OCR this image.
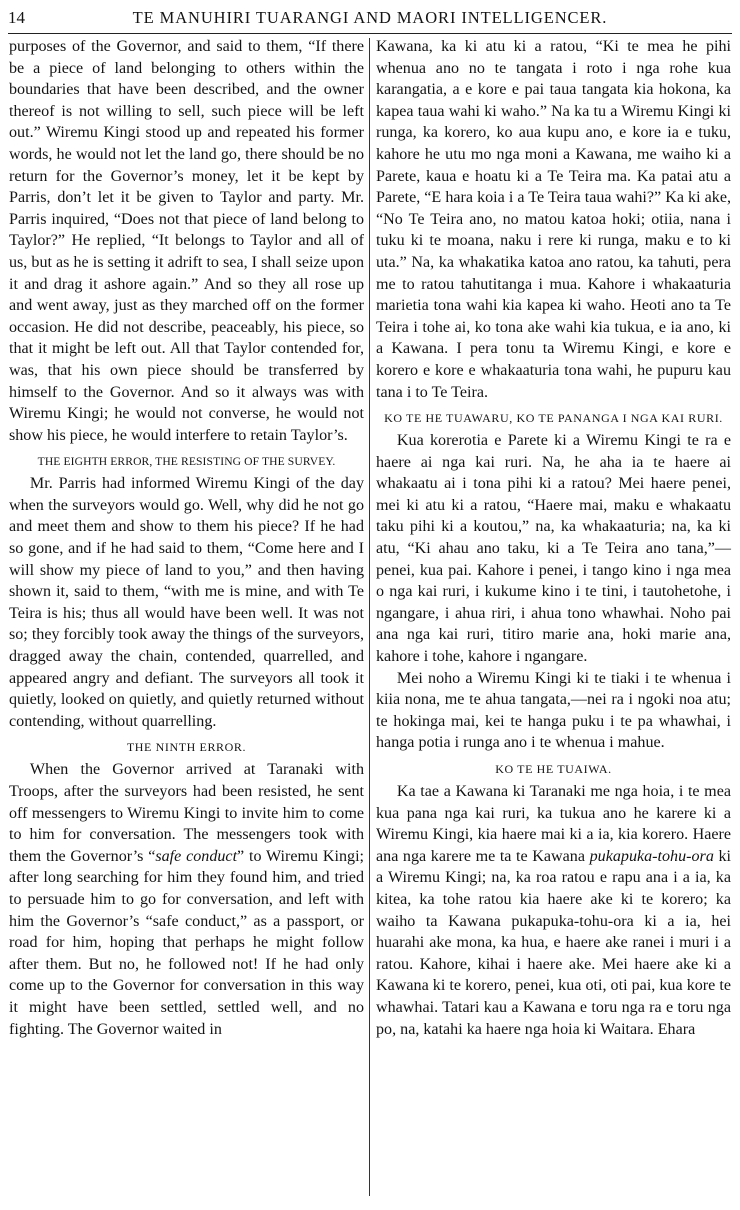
14	TE MANUHIRI TUARANGI AND MAORI INTELLIGENCER.

purposes of the Governor, and said to them, “If there be a piece of land belonging to others within the boundaries that have been described, and the owner thereof is not willing to sell, such piece will be left out.” Wiremu Kingi stood up and repeated his former words, he would not let the land go, there should be no return for the Governor’s money, let it be kept by Parris, don’t let it be given to Taylor and party. Mr. Parris inquired, “Does not that piece of land belong to Taylor?” He replied, “It belongs to Taylor and all of us, but as he is setting it adrift to sea, I shall seize upon it and drag it ashore again.” And so they all rose up and went away, just as they marched off on the former occasion. He did not describe, peaceably, his piece, so that it might be left out. All that Taylor contended for, was, that his own piece should be transferred by himself to the Governor. And so it always was with Wiremu Kingi; he would not converse, he would not show his piece, he would interfere to retain Taylor’s.

THE EIGHTH ERROR, THE RESISTING OF THE SURVEY.

Mr. Parris had informed Wiremu Kingi of the day when the surveyors would go. Well, why did he not go and meet them and show to them his piece? If he had so gone, and if he had said to them, “Come here and I will show my piece of land to you,” and then having shown it, said to them, “with me is mine, and with Te Teira is his; thus all would have been well. It was not so; they forcibly took away the things of the surveyors, dragged away the chain, contended, quarrelled, and appeared angry and defiant. The surveyors all took it quietly, looked on quietly, and quietly returned without contending, without quarrelling.

THE NINTH ERROR.

When the Governor arrived at Taranaki with Troops, after the surveyors had been resisted, he sent off messengers to Wiremu Kingi to invite him to come to him for conversation. The messengers took with them the Governor’s “safe conduct” to Wiremu Kingi; after long searching for him they found him, and tried to persuade him to go for conversation, and left with him the Governor’s “safe conduct,” as a passport, or road for him, hoping that perhaps he might follow after them. But no, he followed not! If he had only come up to the Governor for conversation in this way it might have been settled, settled well, and no fighting. The Governor waited in

Kawana, ka ki atu ki a ratou, “Ki te mea he pihi whenua ano no te tangata i roto i nga rohe kua karangatia, a e kore e pai taua tangata kia hokona, ka kapea taua wahi ki waho.” Na ka tu a Wiremu Kingi ki runga, ka korero, ko aua kupu ano, e kore ia e tuku, kahore he utu mo nga moni a Kawana, me waiho ki a Parete, kaua e hoatu ki a Te Teira ma. Ka patai atu a Parete, “E hara koia i a Te Teira taua wahi?” Ka ki ake, “No Te Teira ano, no matou katoa hoki; otiia, nana i tuku ki te moana, naku i rere ki runga, maku e to ki uta.” Na, ka whakatika katoa ano ratou, ka tahuti, pera me to ratou tahutitanga i mua. Kahore i whakaaturia marietia tona wahi kia kapea ki waho. Heoti ano ta Te Teira i tohe ai, ko tona ake wahi kia tukua, e ia ano, ki a Kawana. I pera tonu ta Wiremu Kingi, e kore e korero e kore e whakaaturia tona wahi, he pupuru kau tana i to Te Teira.

KO TE HE TUAWARU, KO TE PANANGA I NGA KAI RURI.

Kua korerotia e Parete ki a Wiremu Kingi te ra e haere ai nga kai ruri. Na, he aha ia te haere ai whakaatu ai i tona pihi ki a ratou? Mei haere penei, mei ki atu ki a ratou, “Haere mai, maku e whakaatu taku pihi ki a koutou,” na, ka whakaaturia; na, ka ki atu, “Ki ahau ano taku, ki a Te Teira ano tana,”—penei, kua pai. Kahore i penei, i tango kino i nga mea o nga kai ruri, i kukume kino i te tini, i tautohetohe, i ngangare, i ahua riri, i ahua tono whawhai. Noho pai ana nga kai ruri, titiro marie ana, hoki marie ana, kahore i tohe, kahore i ngangare.

Mei noho a Wiremu Kingi ki te tiaki i te whenua i kiia nona, me te ahua tangata,—nei ra i ngoki noa atu; te hokinga mai, kei te hanga puku i te pa whawhai, i hanga potia i runga ano i te whenua i mahue.

KO TE HE TUAIWA.

Ka tae a Kawana ki Taranaki me nga hoia, i te mea kua pana nga kai ruri, ka tukua ano he karere ki a Wiremu Kingi, kia haere mai ki a ia, kia korero. Haere ana nga karere me ta te Kawana pukapuka-tohu-ora ki a Wiremu Kingi; na, ka roa ratou e rapu ana i a ia, ka kitea, ka tohe ratou kia haere ake ki te korero; ka waiho ta Kawana pukapuka-tohu-ora ki a ia, hei huarahi ake mona, ka hua, e haere ake ranei i muri i a ratou. Kahore, kihai i haere ake. Mei haere ake ki a Kawana ki te korero, penei, kua oti, oti pai, kua kore te whawhai. Tatari kau a Kawana e toru nga ra e toru nga po, na, katahi ka haere nga hoia ki Waitara. Ehara
